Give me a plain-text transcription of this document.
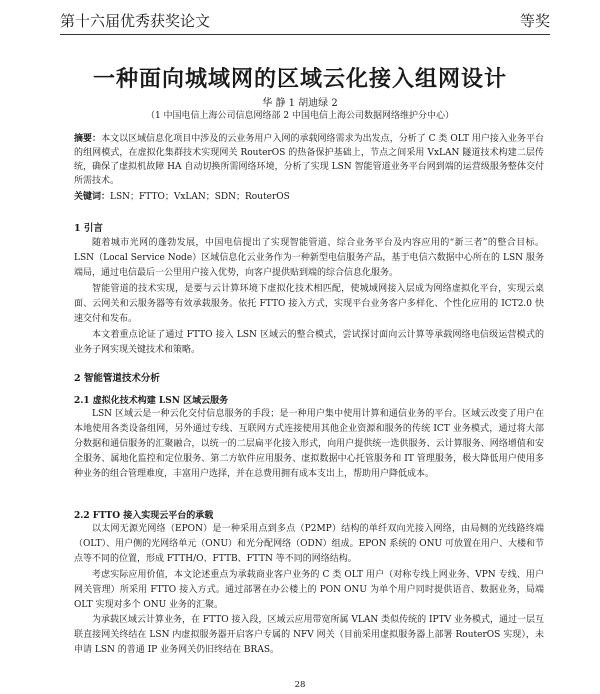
第十六届优秀获奖论文	等奖
一种面向城域网的区域云化接入组网设计
华 静 1 胡迪绿 2
（1 中国电信上海公司信息网络部 2 中国电信上海公司数据网络维护分中心）
摘要：本文以区域信息化项目中涉及的云业务用户入网的承载网络需求为出发点，分析了 C 类 OLT 用户接入业务平台的组网模式，在虚拟化集群技术实现网关 RouterOS 的热备保护基础上，节点之间采用 VxLAN 隧道技术构建二层传统，确保了虚拟机故障 HA 自动切换所需网络环境，分析了实现 LSN 智能管道业务平台网到端的运营级服务整体交付所需技术。
关键词：LSN；FTTO；VxLAN；SDN；RouterOS
1 引言

随着城市光网的蓬勃发展，中国电信提出了实现智能管道、综合业务平台及内容应用的“新三者”的整合目标。LSN（Local Service Node）区域信息化云业务作为一种新型电信服务产品，基于电信六数据中心所在的 LSN 服务端局，通过电信最后一公里用户接入优势，向客户提供贴到端的综合信息化服务。

智能管道的技术实现，是要与云计算环境下虚拟化技术相匹配，使城域网接入层成为网络虚拟化平台，实现云桌面、云网关和云服务器等有效承载服务。依托 FTTO 接入方式，实现平台业务客户多样化、个性化应用的 ICT2.0 快速交付和发布。

本文着重点论证了通过 FTTO 接入 LSN 区域云的整合模式，尝试探讨面向云计算等承载网络电信级运营模式的业务子网实现关键技术和策略。

2 智能管道技术分析
2.1 虚拟化技术构建 LSN 区域云服务

LSN 区域云是一种云化交付信息服务的手段；是一种用户集中使用计算和通信业务的平台。区域云改变了用户在本地使用各类设备组网，另外通过专线、互联网方式连接使用其他企业资源和服务的传统 ICT 业务模式，通过将大部分数据和通信服务的汇聚融合，以统一的二层扁平化接入形式，向用户提供统一选供服务、云计算服务、网络增值和安全服务、属地化监控和定位服务、第二方软件应用服务、虚拟数据中心托管服务和 IT 管理服务，极大降低用户使用多种业务的组合管理难度，丰富用户选择，并在总费用拥有成本支出上，帮助用户降低成本。

2.2 FTTO 接入实现云平台的承载

以太网无源光网络（EPON）是一种采用点到多点（P2MP）结构的单纤双向光接入网络，由局侧的光线路终端（OLT）、用户侧的光网络单元（ONU）和光分配网络（ODN）组成。EPON 系统的 ONU 可放置在用户、大楼和节点等不同的位置，形成 FTTH/O、FTTB、FTTN 等不同的网络结构。

考虑实际应用价值，本文论述重点为承载商业客户业务的 C 类 OLT 用户（对称专线上网业务、VPN 专线、用户网关管理）所采用 FTTO 接入方式。通过部署在办公楼上的 PON ONU 为单个用户同时提供语音、数据业务，局端 OLT 实现对多个 ONU 业务的汇聚。

为承载区域云计算业务，在 FTTO 接入段，区域云应用带宽所属 VLAN 类似传统的 IPTV 业务模式，通过一层互联直接网关终结在 LSN 内虚拟服务器开启客户专属的 NFV 网关（目前采用虚拟服务器上部署 RouterOS 实现），未申请 LSN 的普通 IP 业务网关仍旧终结在 BRAS。

28
